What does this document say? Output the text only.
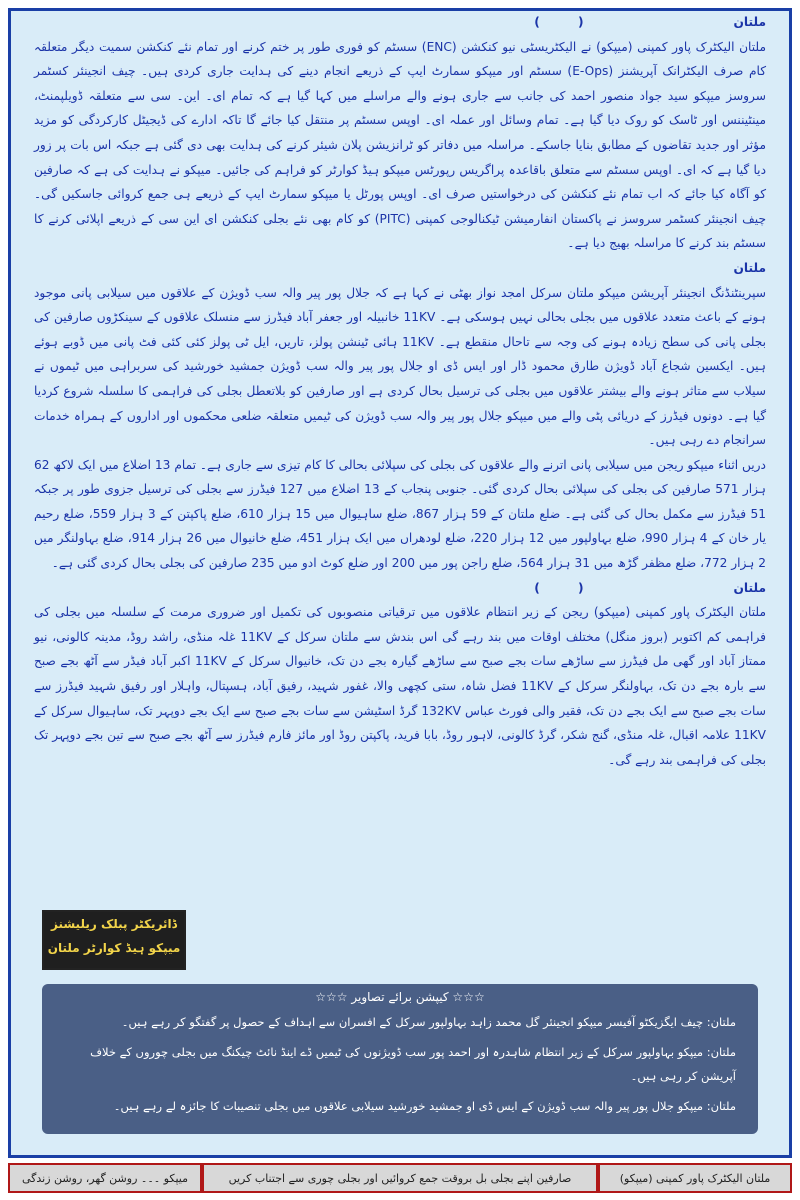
ملتان
(         )

ملتان الیکٹرک پاور کمپنی (میپکو) نے الیکٹریسٹی نیو کنکشن (ENC) سسٹم کو فوری طور پر ختم کرنے اور تمام نئے کنکشن سمیت دیگر متعلقہ کام صرف الیکٹرانک آپریشنز (E-Ops) سسٹم اور میپکو سمارٹ ایپ کے ذریعے انجام دینے کی ہدایت جاری کردی ہیں۔ چیف انجینئر کسٹمر سروسز میپکو سید جواد منصور احمد کی جانب سے جاری ہونے والے مراسلے میں کہا گیا ہے کہ تمام ای۔ این۔ سی سے متعلقہ ڈویلپمنٹ، مینٹیننس اور ٹاسک کو روک دیا گیا ہے۔ تمام وسائل اور عملہ ای۔ اوپس سسٹم پر منتقل کیا جائے گا تاکہ ادارے کی ڈیجیٹل کارکردگی کو مزید مؤثر اور جدید تقاضوں کے مطابق بنایا جاسکے۔ مراسلہ میں دفاتر کو ٹرانزیشن پلان شیئر کرنے کی ہدایت بھی دی گئی ہے جبکہ اس بات پر زور دیا گیا ہے کہ ای۔ اوپس سسٹم سے متعلق باقاعدہ پراگریس رپورٹس میپکو ہیڈ کوارٹر کو فراہم کی جائیں۔ میپکو نے ہدایت کی ہے کہ صارفین کو آگاہ کیا جائے کہ اب تمام نئے کنکشن کی درخواستیں صرف ای۔ اوپس پورٹل یا میپکو سمارٹ ایپ کے ذریعے ہی جمع کروائی جاسکیں گی۔ چیف انجینئر کسٹمر سروسز نے پاکستان انفارمیشن ٹیکنالوجی کمپنی (PITC) کو کام بھی نئے بجلی کنکشن ای این سی کے ذریعے اپلائی کرنے کا سسٹم بند کرنے کا مراسلہ بھیج دیا ہے۔

ملتان

سپرینٹنڈنگ انجینئر آپریشن میپکو ملتان سرکل امجد نواز بھٹی نے کہا ہے کہ جلال پور پیر والہ سب ڈویژن کے علاقوں میں سیلابی پانی موجود ہونے کے باعث متعدد علاقوں میں بجلی بحالی نہیں ہوسکی ہے۔ 11KV خانبیلہ اور جعفر آباد فیڈرز سے منسلک علاقوں کے سینکڑوں صارفین کی بجلی پانی کی سطح زیادہ ہونے کی وجہ سے تاحال منقطع ہے۔ 11KV ہائی ٹینشن پولز، تاریں، ایل ٹی پولز کئی کئی فٹ پانی میں ڈوبے ہوئے ہیں۔ ایکسین شجاع آباد ڈویژن طارق محمود ڈار اور ایس ڈی او جلال پور پیر والہ سب ڈویژن جمشید خورشید کی سربراہی میں ٹیموں نے سیلاب سے متاثر ہونے والے بیشتر علاقوں میں بجلی کی ترسیل بحال کردی ہے اور صارفین کو بلاتعطل بجلی کی فراہمی کا سلسلہ شروع کردیا گیا ہے۔ دونوں فیڈرز کے دریائی پٹی والے میں میپکو جلال پور پیر والہ سب ڈویژن کی ٹیمیں متعلقہ ضلعی محکموں اور اداروں کے ہمراہ خدمات سرانجام دے رہی ہیں۔

دریں اثناء میپکو ریجن میں سیلابی پانی اترنے والے علاقوں کی بجلی کی سپلائی بحالی کا کام تیزی سے جاری ہے۔ تمام 13 اضلاع میں ایک لاکھ 62 ہزار 571 صارفین کی بجلی کی سپلائی بحال کردی گئی۔ جنوبی پنجاب کے 13 اضلاع میں 127 فیڈرز سے بجلی کی ترسیل جزوی طور پر جبکہ 51 فیڈرز سے مکمل بحال کی گئی ہے۔ ضلع ملتان کے 59 ہزار 867، ضلع ساہیوال میں 15 ہزار 610، ضلع پاکپتن کے 3 ہزار 559، ضلع رحیم یار خان کے 4 ہزار 990، ضلع بہاولپور میں 12 ہزار 220، ضلع لودھراں میں ایک ہزار 451، ضلع خانیوال میں 26 ہزار 914، ضلع بہاولنگر میں 2 ہزار 772، ضلع مظفر گڑھ میں 31 ہزار 564، ضلع راجن پور میں 200 اور ضلع کوٹ ادو میں 235 صارفین کی بجلی بحال کردی گئی ہے۔

ملتان
(         )

ملتان الیکٹرک پاور کمپنی (میپکو) ریجن کے زیر انتظام علاقوں میں ترقیاتی منصوبوں کی تکمیل اور ضروری مرمت کے سلسلہ میں بجلی کی فراہمی کم اکتوبر (بروز منگل) مختلف اوقات میں بند رہے گی اس بندش سے ملتان سرکل کے 11KV غلہ منڈی، راشد روڈ، مدینہ کالونی، نیو ممتاز آباد اور گھی مل فیڈرز سے ساڑھے سات بجے صبح سے ساڑھے گیارہ بجے دن تک، خانیوال سرکل کے 11KV اکبر آباد فیڈر سے آٹھ بجے صبح سے بارہ بجے دن تک، بہاولنگر سرکل کے 11KV فضل شاہ، ستی کچھی والا، غفور شہید، رفیق آباد، ہسپتال، واہلار اور رفیق شہید فیڈرز سے سات بجے صبح سے ایک بجے دن تک، فقیر والی فورٹ عباس 132KV گرڈ اسٹیشن سے سات بجے صبح سے ایک بجے دوپہر تک، ساہیوال سرکل کے 11KV علامہ اقبال، غلہ منڈی، گنج شکر، گرڈ کالونی، لاہور روڈ، بابا فرید، پاکپتن روڈ اور مائز فارم فیڈرز سے آٹھ بجے صبح سے تین بجے دوپہر تک بجلی کی فراہمی بند رہے گی۔

ڈائریکٹر پبلک ریلیشنز
میپکو ہیڈ کوارٹر ملتان
☆☆☆ کیپشن برائے تصاویر ☆☆☆
ملتان: چیف ایگزیکٹو آفیسر میپکو انجینئر گل محمد زاہد بہاولپور سرکل کے افسران سے اہداف کے حصول پر گفتگو کر رہے ہیں۔
ملتان: میپکو بہاولپور سرکل کے زیر انتظام شاہدرہ اور احمد پور سب ڈویژنوں کی ٹیمیں ڈے اینڈ نائٹ چیکنگ میں بجلی چوروں کے خلاف آپریشن کر رہی ہیں۔
ملتان: میپکو جلال پور پیر والہ سب ڈویژن کے ایس ڈی او جمشید خورشید سیلابی علاقوں میں بجلی تنصیبات کا جائزہ لے رہے ہیں۔
ملتان الیکٹرک پاور کمپنی (میپکو)
صارفین اپنے بجلی بل بروقت جمع کروائیں اور بجلی چوری سے اجتناب کریں
میپکو ۔۔۔ روشن گھر، روشن زندگی
